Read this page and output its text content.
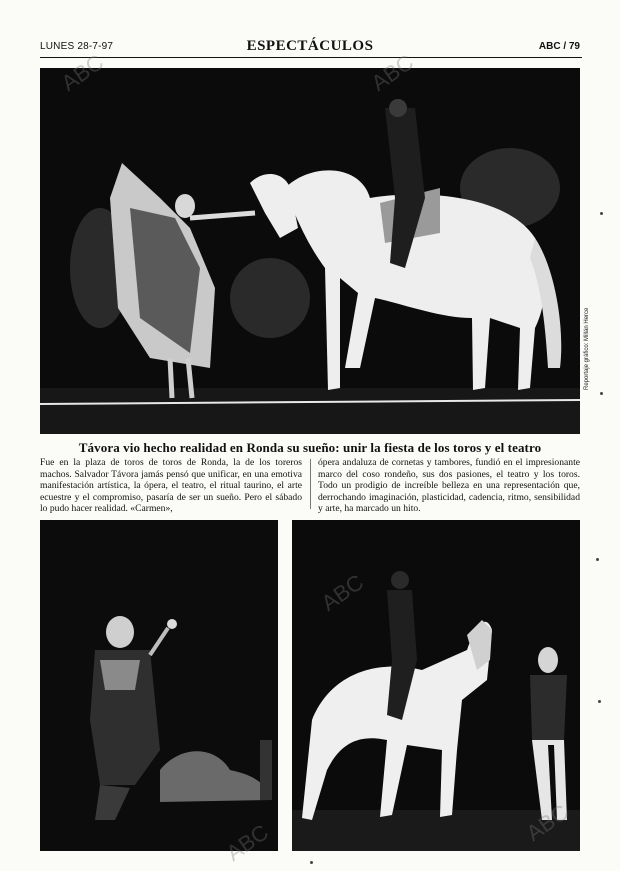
LUNES 28-7-97	ESPECTÁCULOS	ABC / 79
Reportaje gráfico: Millán Herce
Távora vio hecho realidad en Ronda su sueño: unir la fiesta de los toros y el teatro
Fue en la plaza de toros de toros de Ronda, la de los toreros machos. Salvador Távora jamás pensó que unificar, en una emotiva manifestación artística, la ópera, el teatro, el ritual taurino, el arte ecuestre y el compromiso, pasaría de ser un sueño. Pero el sábado lo pudo hacer realidad. «Carmen»,
ópera andaluza de cornetas y tambores, fundió en el impresionante marco del coso rondeño, sus dos pasiones, el teatro y los toros. Todo un prodigio de increíble belleza en una representación que, derrochando imaginación, plasticidad, cadencia, ritmo, sensibilidad y arte, ha marcado un hito.
ABC	ABC
ABC
ABC	ABC
